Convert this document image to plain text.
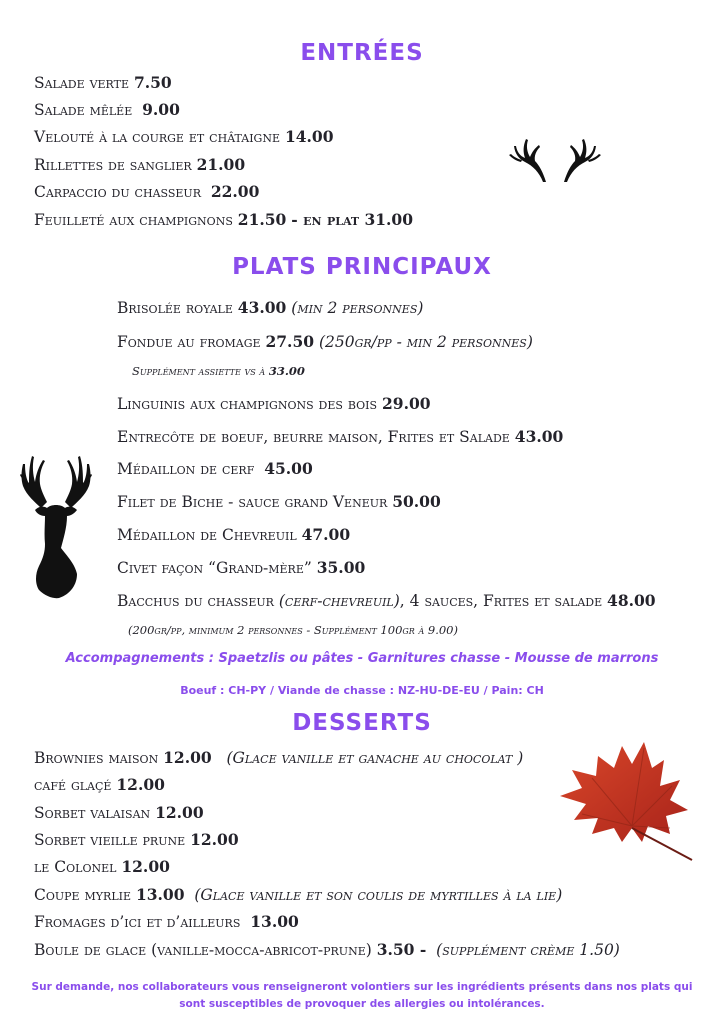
ENTRÉES
Salade verte 7.50
Salade mêlée 9.00
Velouté à la courge et châtaigne 14.00
Rillettes de sanglier 21.00
Carpaccio du chasseur 22.00
Feuilleté aux champignons 21.50 - en plat 31.00
PLATS PRINCIPAUX
Brisolée royale 43.00 (min 2 personnes)
Fondue au fromage 27.50 (250gr/pp - min 2 personnes)
Supplément assiette vs à 33.00
Linguinis aux champignons des bois 29.00
Entrecôte de boeuf, beurre maison, Frites et Salade 43.00
Médaillon de cerf 45.00
Filet de Biche - sauce grand Veneur 50.00
Médaillon de Chevreuil 47.00
Civet façon “Grand-mère” 35.00
Bacchus du chasseur (cerf-chevreuil), 4 sauces, Frites et salade 48.00
(200gr/pp, minimum 2 personnes - Supplément 100gr à 9.00)
Accompagnements : Spaetzlis ou pâtes - Garnitures chasse - Mousse de marrons
Boeuf : CH-PY / Viande de chasse : NZ-HU-DE-EU / Pain: CH
DESSERTS
Brownies maison 12.00 (Glace vanille et ganache au chocolat )
café glaçé 12.00
Sorbet valaisan 12.00
Sorbet vieille prune 12.00
le Colonel 12.00
Coupe myrlie 13.00 (Glace vanille et son coulis de myrtilles à la lie)
Fromages d’ici et d’ailleurs 13.00
Boule de glace (vanille-mocca-abricot-prune) 3.50 - (supplément crème 1.50)
Sur demande, nos collaborateurs vous renseigneront volontiers sur les ingrédients présents dans nos plats qui sont susceptibles de provoquer des allergies ou intolérances.
